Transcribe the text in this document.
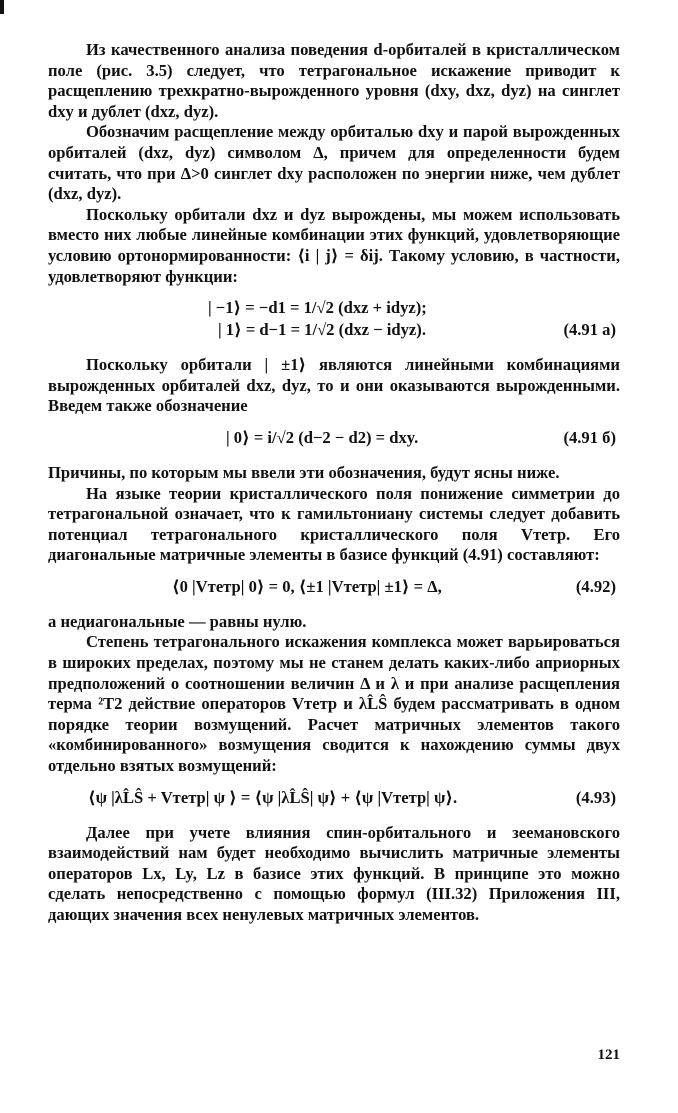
Из качественного анализа поведения d-орбиталей в кристаллическом поле (рис. 3.5) следует, что тетрагональное искажение приводит к расщеплению трехкратно-вырожденного уровня (dxy, dxz, dyz) на синглет dxy и дублет (dxz, dyz).

Обозначим расщепление между орбиталью dxy и парой вырожденных орбиталей (dxz, dyz) символом Δ, причем для определенности будем считать, что при Δ>0 синглет dxy расположен по энергии ниже, чем дублет (dxz, dyz).

Поскольку орбитали dxz и dyz вырождены, мы можем использовать вместо них любые линейные комбинации этих функций, удовлетворяющие условию ортонормированности: ⟨i | j⟩ = δij. Такому условию, в частности, удовлетворяют функции:

| −1⟩ = −d1 = 1/√2 (dxz + idyz);
| 1⟩ = d−1 = 1/√2 (dxz − idyz).	(4.91 а)

Поскольку орбитали | ±1⟩ являются линейными комбинациями вырожденных орбиталей dxz, dyz, то и они оказываются вырожденными. Введем также обозначение

| 0⟩ = i/√2 (d−2 − d2) = dxy.	(4.91 б)

Причины, по которым мы ввели эти обозначения, будут ясны ниже.

На языке теории кристаллического поля понижение симметрии до тетрагональной означает, что к гамильтониану системы следует добавить потенциал тетрагонального кристаллического поля Vтетр. Его диагональные матричные элементы в базисе функций (4.91) составляют:

⟨0 |Vтетр| 0⟩ = 0, ⟨±1 |Vтетр| ±1⟩ = Δ,	(4.92)

а недиагональные — равны нулю.

Степень тетрагонального искажения комплекса может варьироваться в широких пределах, поэтому мы не станем делать каких-либо априорных предположений о соотношении величин Δ и λ и при анализе расщепления терма ²T2 действие операторов Vтетр и λL̂Ŝ будем рассматривать в одном порядке теории возмущений. Расчет матричных элементов такого «комбинированного» возмущения сводится к нахождению суммы двух отдельно взятых возмущений:

⟨ψ |λL̂Ŝ + Vтетр| ψ ⟩ = ⟨ψ |λL̂Ŝ| ψ⟩ + ⟨ψ |Vтетр| ψ⟩.	(4.93)

Далее при учете влияния спин-орбитального и зеемановского взаимодействий нам будет необходимо вычислить матричные элементы операторов Lx, Ly, Lz в базисе этих функций. В принципе это можно сделать непосредственно с помощью формул (III.32) Приложения III, дающих значения всех ненулевых матричных элементов.

121
